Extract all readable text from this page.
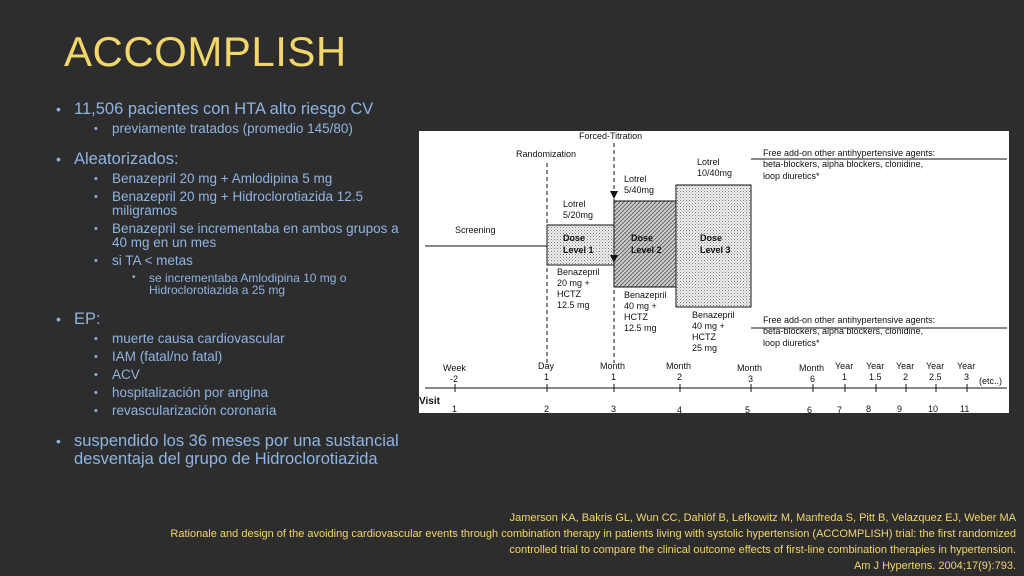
ACCOMPLISH
• 11,506 pacientes con HTA alto riesgo CV
• previamente tratados (promedio 145/80)
• Aleatorizados:
• Benazepril 20 mg + Amlodipina 5 mg
• Benazepril 20 mg + Hidroclorotiazida 12.5 miligramos
• Benazepril se incrementaba en ambos grupos a 40 mg en un mes
• si TA < metas
• se incrementaba Amlodipina 10 mg o Hidroclorotiazida a 25 mg
• EP:
• muerte causa cardiovascular
• IAM (fatal/no fatal)
• ACV
• hospitalización por angina
• revascularización coronaria
• suspendido los 36 meses por una sustancial desventaja del grupo de Hidroclorotiazida
Screening
Randomization
Forced-Titration
Dose
Level 1
Dose
Level 2
Dose
Level 3
Lotrel
5/20mg
Lotrel
5/40mg
Lotrel
10/40mg
Benazepril
20 mg +
HCTZ
12.5 mg
Benazepril
40 mg +
HCTZ
12.5 mg
Benazepril
40 mg +
HCTZ
25 mg
Free add-on other antihypertensive agents:
beta-blockers, alpha blockers, clonidine,
loop diuretics*
Free add-on other antihypertensive agents:
beta-blockers, alpha blockers, clonidine,
loop diuretics*
Week
-2
Day
1
Month
1
Month
2
Month
3
Month
6
Year
1
Year
1.5
Year
2
Year
2.5
Year
3 (etc..)
Visit
1	2	3	4	5	6	7	8	9	10 11
Jamerson KA, Bakris GL, Wun CC, Dahlöf B, Lefkowitz M, Manfreda S, Pitt B, Velazquez EJ, Weber MA
Rationale and design of the avoiding cardiovascular events through combination therapy in patients living with systolic hypertension (ACCOMPLISH) trial: the first randomized
controlled trial to compare the clinical outcome effects of first-line combination therapies in hypertension.
Am J Hypertens. 2004;17(9):793.
